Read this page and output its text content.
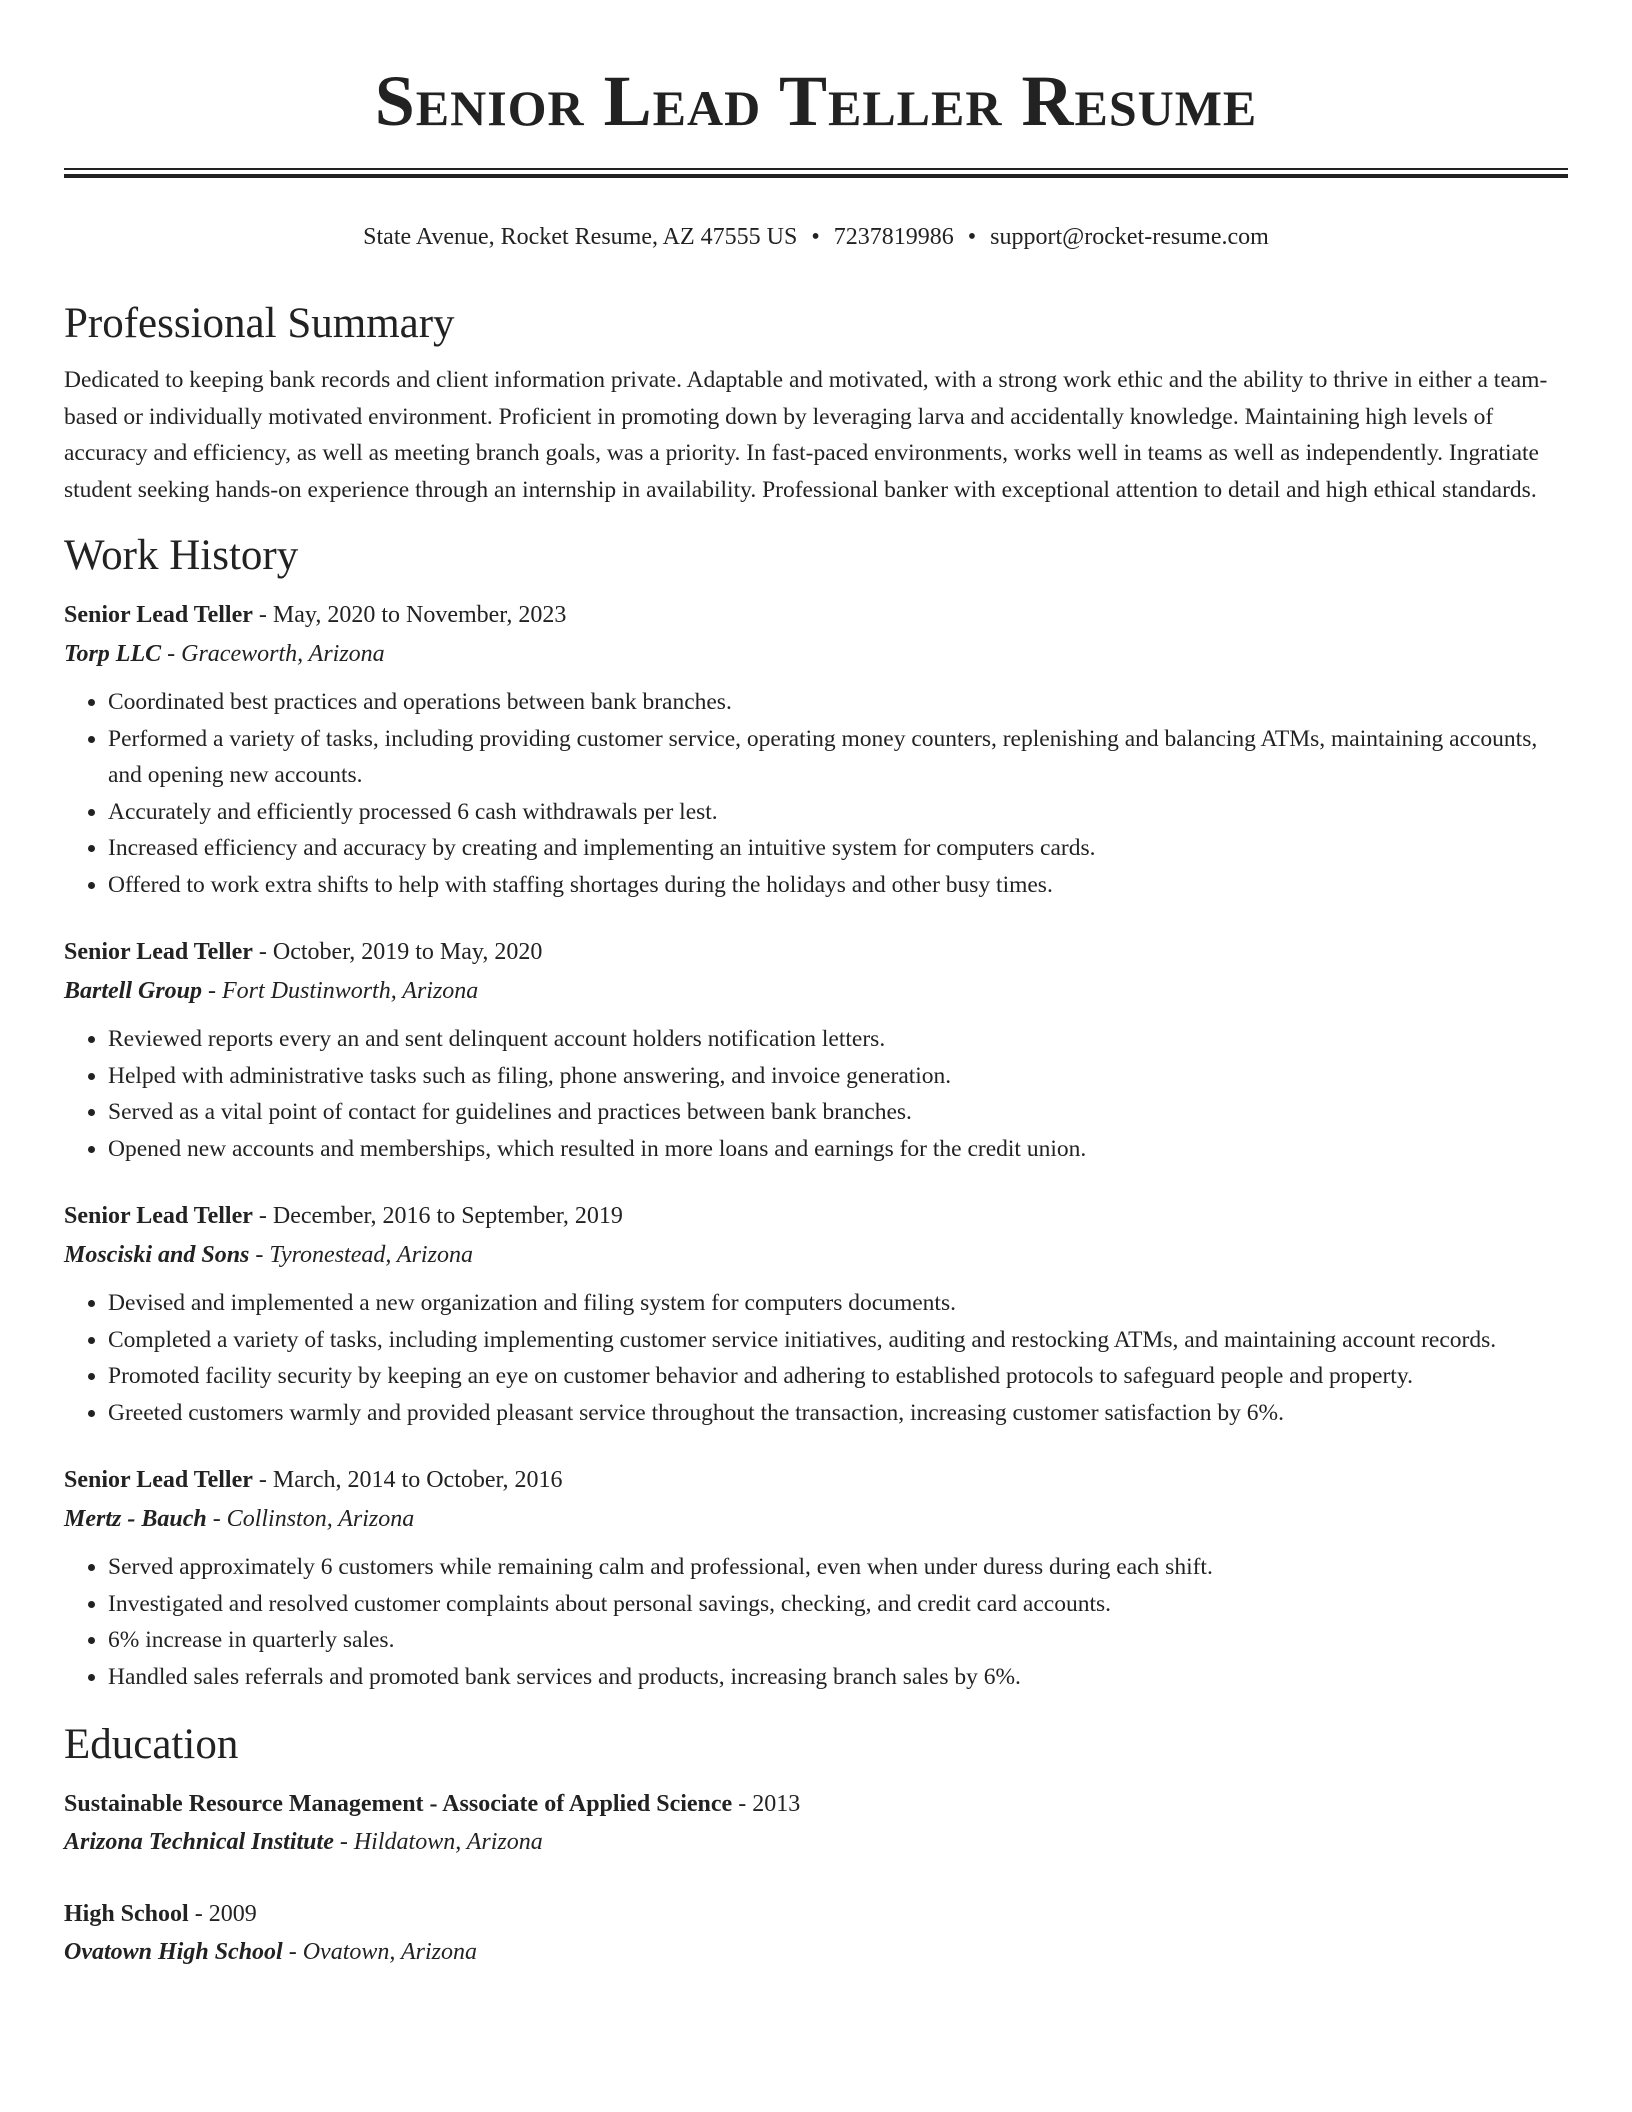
Senior Lead Teller Resume
State Avenue, Rocket Resume, AZ 47555 US • 7237819986 • support@rocket-resume.com
Professional Summary

Dedicated to keeping bank records and client information private. Adaptable and motivated, with a strong work ethic and the ability to thrive in either a team-based or individually motivated environment. Proficient in promoting down by leveraging larva and accidentally knowledge. Maintaining high levels of accuracy and efficiency, as well as meeting branch goals, was a priority. In fast-paced environments, works well in teams as well as independently. Ingratiate student seeking hands-on experience through an internship in availability. Professional banker with exceptional attention to detail and high ethical standards.

Work History
Senior Lead Teller - May, 2020 to November, 2023
Torp LLC - Graceworth, Arizona
• Coordinated best practices and operations between bank branches.
• Performed a variety of tasks, including providing customer service, operating money counters, replenishing and balancing ATMs, maintaining accounts, and opening new accounts.
• Accurately and efficiently processed 6 cash withdrawals per lest.
• Increased efficiency and accuracy by creating and implementing an intuitive system for computers cards.
• Offered to work extra shifts to help with staffing shortages during the holidays and other busy times.
Senior Lead Teller - October, 2019 to May, 2020
Bartell Group - Fort Dustinworth, Arizona
• Reviewed reports every an and sent delinquent account holders notification letters.
• Helped with administrative tasks such as filing, phone answering, and invoice generation.
• Served as a vital point of contact for guidelines and practices between bank branches.
• Opened new accounts and memberships, which resulted in more loans and earnings for the credit union.
Senior Lead Teller - December, 2016 to September, 2019
Mosciski and Sons - Tyronestead, Arizona
• Devised and implemented a new organization and filing system for computers documents.
• Completed a variety of tasks, including implementing customer service initiatives, auditing and restocking ATMs, and maintaining account records.
• Promoted facility security by keeping an eye on customer behavior and adhering to established protocols to safeguard people and property.
• Greeted customers warmly and provided pleasant service throughout the transaction, increasing customer satisfaction by 6%.
Senior Lead Teller - March, 2014 to October, 2016
Mertz - Bauch - Collinston, Arizona
• Served approximately 6 customers while remaining calm and professional, even when under duress during each shift.
• Investigated and resolved customer complaints about personal savings, checking, and credit card accounts.
• 6% increase in quarterly sales.
• Handled sales referrals and promoted bank services and products, increasing branch sales by 6%.
Education
Sustainable Resource Management - Associate of Applied Science - 2013
Arizona Technical Institute - Hildatown, Arizona
High School - 2009
Ovatown High School - Ovatown, Arizona
